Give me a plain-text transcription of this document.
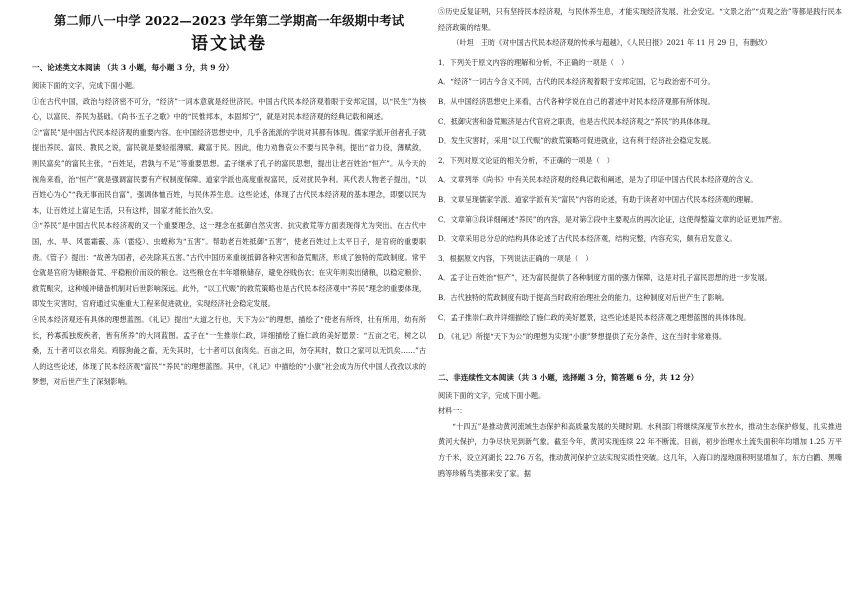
第二师八一中学 2022—2023 学年第二学期高一年级期中考试
语文试卷
一、论述类文本阅读 （共 3 小题，每小题 3 分，共 9 分）

阅读下面的文字，完成下面小题。

①在古代中国，政治与经济密不可分，“经济”一词本意就是经世济民。中国古代民本经济观着眼于安邦定国，以“民生”为核心，以富民、养民为基础。《尚书·五子之歌》中的“民惟邦本，本固邦宁”，就是对民本经济观的经典记载和阐述。

②“富民”是中国古代民本经济观的重要内容。在中国经济思想史中，几乎各流派的学说对其都有体现。儒家学派开创者孔子就提出养民、富民、教民之说，富民就是要轻徭薄赋、藏富于民。因此，他力劝鲁哀公不要与民争利，提出“省力役，薄赋敛，则民富矣”的富民主张，“百姓足，君孰与不足”等重要思想。孟子继承了孔子的富民思想，提出让老百姓治“恒产”。从今天的视角来看，治“恒产”就是强调富民要有产权制度保障。道家学派也高度重视富民，反对扰民争利。其代表人物老子提出，“以百姓心为心”“我无事而民自富”，强调体恤百姓，与民休养生息。这些论述，体现了古代民本经济观的基本理念，即要以民为本，让百姓过上富足生活，只有这样，国家才能长治久安。

③“养民”是中国古代民本经济观的又一个重要理念，这一理念在抵御自然灾害、抗灾救荒等方面表现得尤为突出。在古代中国，水、旱、风雹霜霰、冻（雹疫）、虫蝗称为“五害”。帮助老百姓抵御“五害”，使老百姓过上太平日子，是官府的重要职责。《管子》提出：“故善为国者，必先除其五害。”古代中国历来重视抵御各种灾害和备荒赈济，形成了独特的荒政制度。常平仓就是官府为储粮备荒、平稳粮价而设的粮仓。这些粮仓在丰年增粮储存，避免谷贱伤农；在灾年则卖出储粮，以稳定粮价、救荒赈灾，这种缓冲储备机制对后世影响深远。此外，“以工代赈”的救荒策略也是古代民本经济观中“养民”理念的重要体现，即发生灾害时，官府通过实施重大工程来促进就业，实现经济社会稳定发展。

④民本经济观还有具体的理想蓝图。《礼记》提出“大道之行也，天下为公”的理想，描绘了“使老有所终，壮有所用，幼有所长，矜寡孤独废疾者，皆有所养”的大同蓝图。孟子在“一生推崇仁政，详细描绘了施仁政的美好愿景：“五亩之宅，树之以桑，五十者可以衣帛矣。鸡豚狗彘之畜，无失其时，七十者可以食肉矣。百亩之田，勿夺其时，数口之家可以无饥矣……”古人的这些论述，体现了民本经济观“富民”“养民”的理想蓝图。其中，《礼记》中描绘的“小康”社会成为历代中国人孜孜以求的梦想，对后世产生了深刻影响。

⑤历史反复证明，只有坚持民本经济观，与民休养生息，才能实现经济发展、社会安定。“文景之治”“贞观之治”等都是践行民本经济政策的结果。

（叶坦　王昉《对中国古代民本经济观的传承与超越》，《人民日报》2021 年 11 月 29 日，有删改）

1．下列关于原文内容的理解和分析，不正确的一项是（　）

A．“经济”一词古今含义不同，古代的民本经济观着眼于安邦定国，它与政治密不可分。

B．从中国经济思想史上来看，古代各种学说在自己的著述中对民本经济观都有所体现。

C．抵御灾害和备荒赈济是古代官府之职责，也是古代民本经济观之“养民”的具体体现。

D．发生灾害时，采用“以工代赈”的救荒策略可促进就业，这有利于经济社会稳定发展。

2．下列对原文论证的相关分析，不正确的一项是（　）

A．文章列举《尚书》中有关民本经济观的经典记载和阐述，是为了印证中国古代民本经济观的含义。

B．文章呈现儒家学派、道家学派有关“富民”内容的论述，有助于读者对中国古代民本经济观的理解。

C．文章第③段详细阐述“养民”的内容，是对第②段中主要观点的再次论证，这使得整篇文章的论证更加严密。

D．文章采用总分总的结构具体论述了古代民本经济观，结构完整，内容充实，颇有启发意义。

3．根据原文内容，下列说法正确的一项是（　）

A．孟子让百姓治“恒产”，还为富民提供了各种制度方面的强力保障，这是对孔子富民思想的进一步发展。

B．古代独特的荒政制度有助于提高当时政府治理社会的能力，这种制度对后世产生了影响。

C．孟子推崇仁政并详细描绘了施仁政的美好愿景，这些论述是民本经济观之理想蓝图的具体体现。

D．《礼记》所提“天下为公”的理想为实现“小康”梦想提供了充分条件，这在当时非常难得。

二、非连续性文本阅读（共 3 小题，选择题 3 分，简答题 6 分，共 12 分）

阅读下面的文字，完成下面小题。

材料一：

“十四五”是推动黄河流域生态保护和高质量发展的关键时期。水利部门将继续深度节水控水，推动生态保护修复，扎实推进黄河大保护，力争尽快见到新气象。截至今年，黄河实现连续 22 年不断流。目前，初步治理水土流失面积年均增加 1.25 万平方千米，设立河湖长 22.76 万名，推动黄河保护立法实现实质性突破。这几年，入海口的湿地面积明显增加了，东方白鹳、黑嘴鸥等珍稀鸟类都来安了家。据
